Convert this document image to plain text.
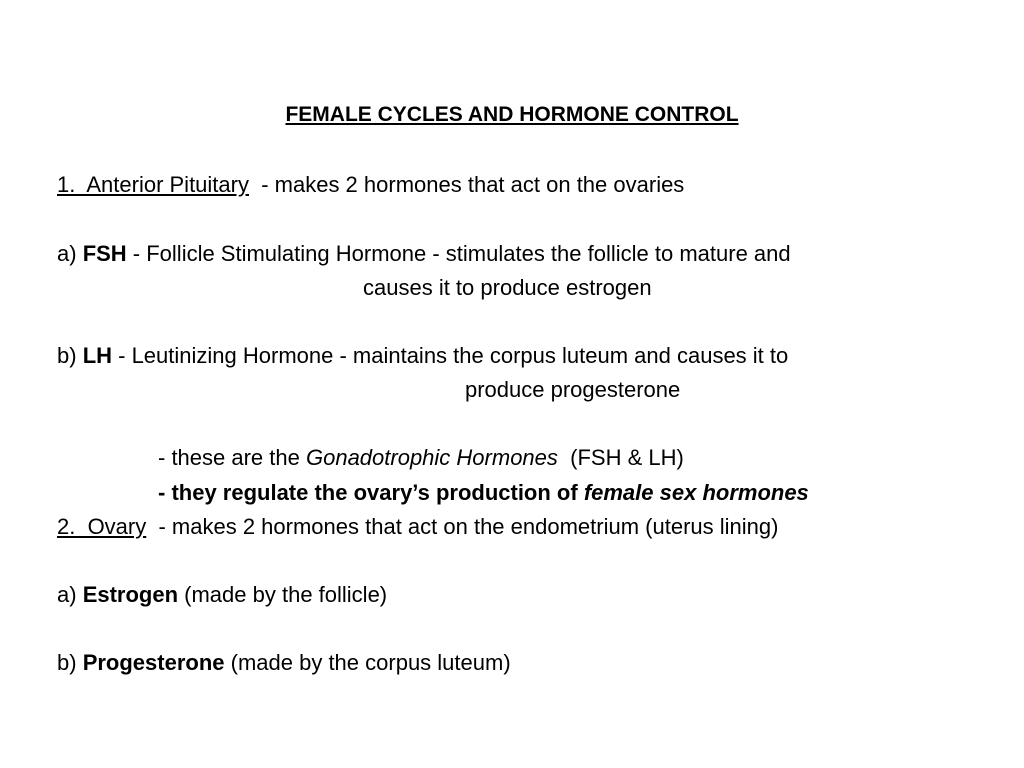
FEMALE CYCLES AND HORMONE CONTROL
1.  Anterior Pituitary  - makes 2 hormones that act on the ovaries
a) FSH - Follicle Stimulating Hormone - stimulates the follicle to mature and
causes it to produce estrogen
b) LH - Leutinizing Hormone - maintains the corpus luteum and causes it to
produce progesterone
- these are the Gonadotrophic Hormones  (FSH & LH)
- they regulate the ovary’s production of female sex hormones
2.  Ovary  - makes 2 hormones that act on the endometrium (uterus lining)
a) Estrogen (made by the follicle)
b) Progesterone (made by the corpus luteum)
